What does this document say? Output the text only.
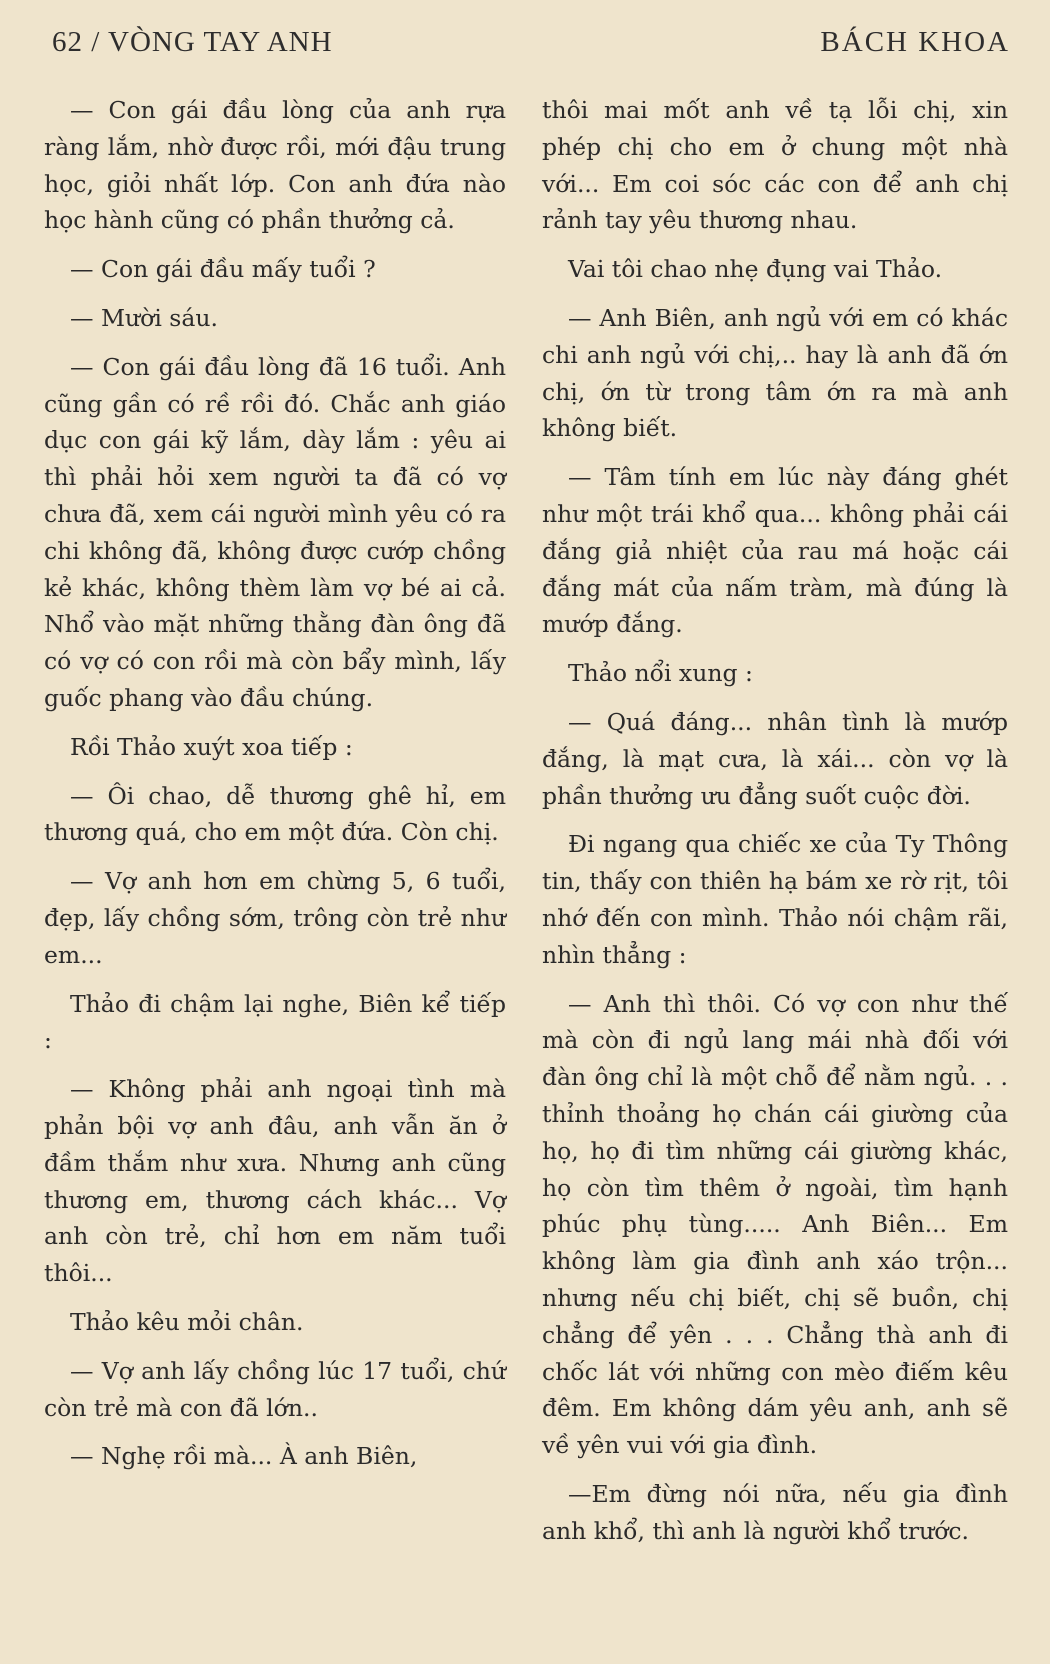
62 / VÒNG TAY ANH	BÁCH KHOA

— Con gái đầu lòng của anh rựa ràng lắm, nhờ được rồi, mới đậu trung học, giỏi nhất lớp. Con anh đứa nào học hành cũng có phần thưởng cả.

— Con gái đầu mấy tuổi ?

— Mười sáu.

— Con gái đầu lòng đã 16 tuổi. Anh cũng gần có rề rồi đó. Chắc anh giáo dục con gái kỹ lắm, dày lắm : yêu ai thì phải hỏi xem người ta đã có vợ chưa đã, xem cái người mình yêu có ra chi không đã, không được cướp chồng kẻ khác, không thèm làm vợ bé ai cả. Nhổ vào mặt những thằng đàn ông đã có vợ có con rồi mà còn bẩy mình, lấy guốc phang vào đầu chúng.

Rồi Thảo xuýt xoa tiếp :

— Ôi chao, dễ thương ghê hỉ, em thương quá, cho em một đứa. Còn chị.

— Vợ anh hơn em chừng 5, 6 tuổi, đẹp, lấy chồng sớm, trông còn trẻ như em...

Thảo đi chậm lại nghe, Biên kể tiếp :

— Không phải anh ngoại tình mà phản bội vợ anh đâu, anh vẫn ăn ở đầm thắm như xưa. Nhưng anh cũng thương em, thương cách khác... Vợ anh còn trẻ, chỉ hơn em năm tuổi thôi...

Thảo kêu mỏi chân.

— Vợ anh lấy chồng lúc 17 tuổi, chứ còn trẻ mà con đã lớn..

— Nghẹ rồi mà... À anh Biên,

thôi mai mốt anh về tạ lỗi chị, xin phép chị cho em ở chung một nhà với... Em coi sóc các con để anh chị rảnh tay yêu thương nhau.

Vai tôi chao nhẹ đụng vai Thảo.

— Anh Biên, anh ngủ với em có khác chi anh ngủ với chị,.. hay là anh đã ớn chị, ớn từ trong tâm ớn ra mà anh không biết.

— Tâm tính em lúc này đáng ghét như một trái khổ qua... không phải cái đắng giả nhiệt của rau má hoặc cái đắng mát của nấm tràm, mà đúng là mướp đắng.

Thảo nổi xung :

— Quá đáng... nhân tình là mướp đắng, là mạt cưa, là xái... còn vợ là phần thưởng ưu đẳng suốt cuộc đời.

Đi ngang qua chiếc xe của Ty Thông tin, thấy con thiên hạ bám xe rờ rịt, tôi nhớ đến con mình. Thảo nói chậm rãi, nhìn thẳng :

— Anh thì thôi. Có vợ con như thế mà còn đi ngủ lang mái nhà đối với đàn ông chỉ là một chỗ để nằm ngủ. . . thỉnh thoảng họ chán cái giường của họ, họ đi tìm những cái giường khác, họ còn tìm thêm ở ngoài, tìm hạnh phúc phụ tùng..... Anh Biên... Em không làm gia đình anh xáo trộn... nhưng nếu chị biết, chị sẽ buồn, chị chẳng để yên . . . Chẳng thà anh đi chốc lát với những con mèo điếm kêu đêm. Em không dám yêu anh, anh sẽ về yên vui với gia đình.

—Em đừng nói nữa, nếu gia đình anh khổ, thì anh là người khổ trước.
